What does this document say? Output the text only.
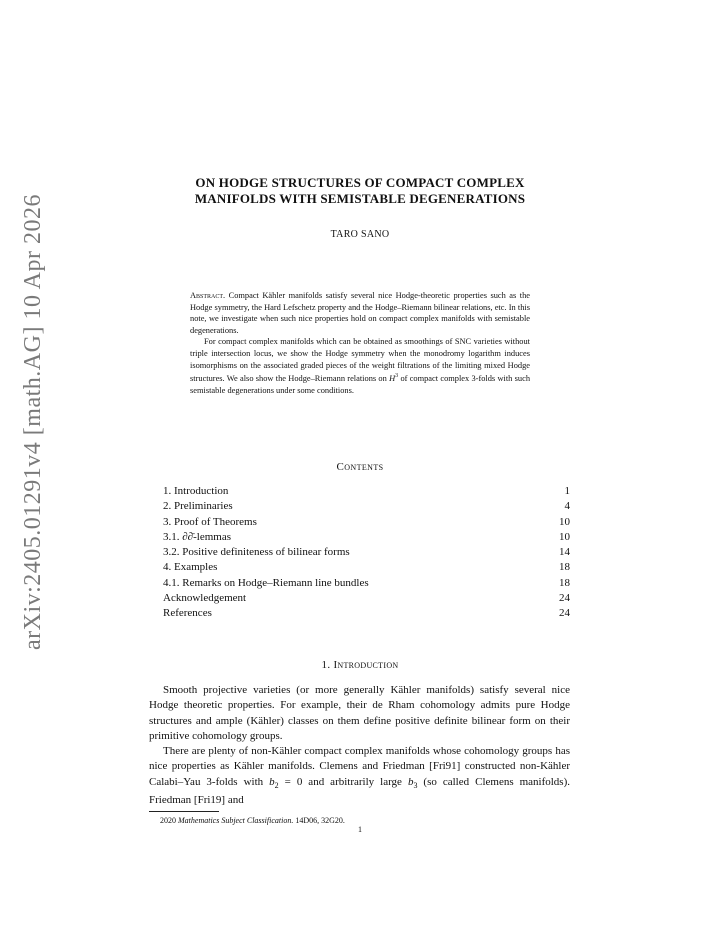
arXiv:2405.01291v4 [math.AG] 10 Apr 2026
ON HODGE STRUCTURES OF COMPACT COMPLEX
MANIFOLDS WITH SEMISTABLE DEGENERATIONS
TARO SANO

Abstract. Compact Kähler manifolds satisfy several nice Hodge-theoretic properties such as the Hodge symmetry, the Hard Lefschetz property and the Hodge–Riemann bilinear relations, etc. In this note, we investigate when such nice properties hold on compact complex manifolds with semistable degenerations.

For compact complex manifolds which can be obtained as smoothings of SNC varieties without triple intersection locus, we show the Hodge symmetry when the monodromy logarithm induces isomorphisms on the associated graded pieces of the weight filtrations of the limiting mixed Hodge structures. We also show the Hodge–Riemann relations on $H^3$ of compact complex 3-folds with such semistable degenerations under some conditions.

Contents
1. Introduction	1
2. Preliminaries	4
3. Proof of Theorems	10
3.1. ∂∂̄-lemmas	10
3.2. Positive definiteness of bilinear forms	14
4. Examples	18
4.1. Remarks on Hodge–Riemann line bundles	18
Acknowledgement	24
References	24
1. Introduction

Smooth projective varieties (or more generally Kähler manifolds) satisfy several nice Hodge theoretic properties. For example, their de Rham cohomology admits pure Hodge structures and ample (Kähler) classes on them define positive definite bilinear form on their primitive cohomology groups.

There are plenty of non-Kähler compact complex manifolds whose cohomology groups has nice properties as Kähler manifolds. Clemens and Friedman [Fri91] constructed non-Kähler Calabi–Yau 3-folds with $b_2 = 0$ and arbitrarily large $b_3$ (so called Clemens manifolds). Friedman [Fri19] and

2020 Mathematics Subject Classification. 14D06, 32G20.
1
